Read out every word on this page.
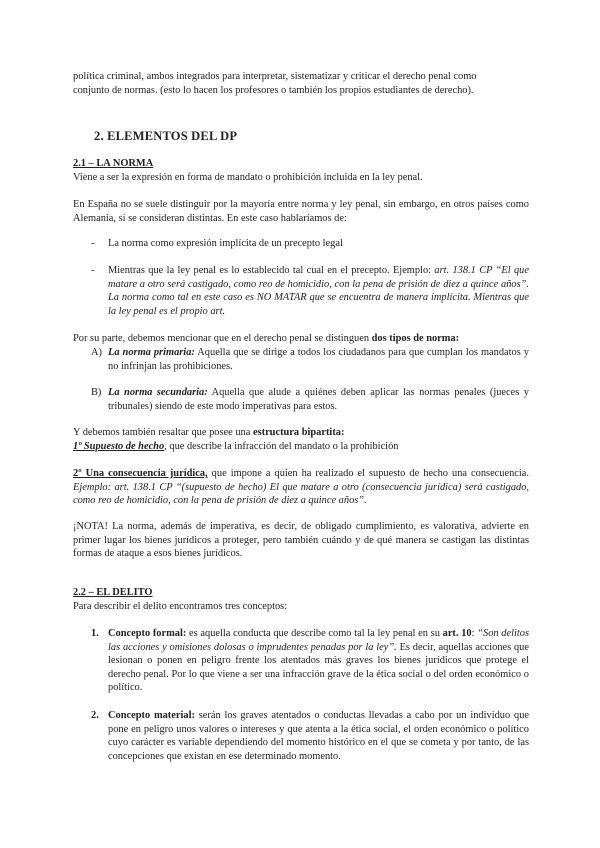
política criminal, ambos integrados para interpretar, sistematizar y criticar el derecho penal como
conjunto de normas. (esto lo hacen los profesores o también los propios estudiantes de derecho).
2. ELEMENTOS DEL DP
2.1 – LA NORMA
Viene a ser la expresión en forma de mandato o prohibición incluida en la ley penal.
En España no se suele distinguir por la mayoría entre norma y ley penal, sin embargo, en otros países como Alemania, sí se consideran distintas. En este caso hablaríamos de:
- La norma como expresión implícita de un precepto legal
- Mientras que la ley penal es lo establecido tal cual en el precepto. Ejemplo: art. 138.1 CP “El que matare a otro será castigado, como reo de homicidio, con la pena de prisión de diez a quince años”. La norma como tal en este caso es NO MATAR que se encuentra de manera implícita. Mientras que la ley penal es el propio art.
Por su parte, debemos mencionar que en el derecho penal se distinguen dos tipos de norma:
A) La norma primaria: Aquella que se dirige a todos los ciudadanos para que cumplan los mandatos y no infrinjan las prohibiciones.
B) La norma secundaria: Aquella que alude a quiénes deben aplicar las normas penales (jueces y tribunales) siendo de este modo imperativas para estos.
Y debemos también resaltar que posee una estructura bipartita:
1º Supuesto de hecho, que describe la infracción del mandato o la prohibición
2º Una consecuencia jurídica, que impone a quien ha realizado el supuesto de hecho una consecuencia. Ejemplo: art. 138.1 CP “(supuesto de hecho) El que matare a otro (consecuencia jurídica) será castigado, como reo de homicidio, con la pena de prisión de diez a quince años”.
¡NOTA! La norma, además de imperativa, es decir, de obligado cumplimiento, es valorativa, advierte en primer lugar los bienes jurídicos a proteger, pero también cuándo y de qué manera se castigan las distintas formas de ataque a esos bienes jurídicos.
2.2 – EL DELITO
Para describir el delito encontramos tres conceptos:
1. Concepto formal: es aquella conducta que describe como tal la ley penal en su art. 10: “Son delitos las acciones y omisiones dolosas o imprudentes penadas por la ley”. Es decir, aquellas acciones que lesionan o ponen en peligro frente los atentados más graves los bienes jurídicos que protege el derecho penal. Por lo que viene a ser una infracción grave de la ética social o del orden económico o político.
2. Concepto material: serán los graves atentados o conductas llevadas a cabo por un individuo que pone en peligro unos valores o intereses y que atenta a la ética social, el orden económico o político cuyo carácter es variable dependiendo del momento histórico en el que se cometa y por tanto, de las concepciones que existan en ese determinado momento.
